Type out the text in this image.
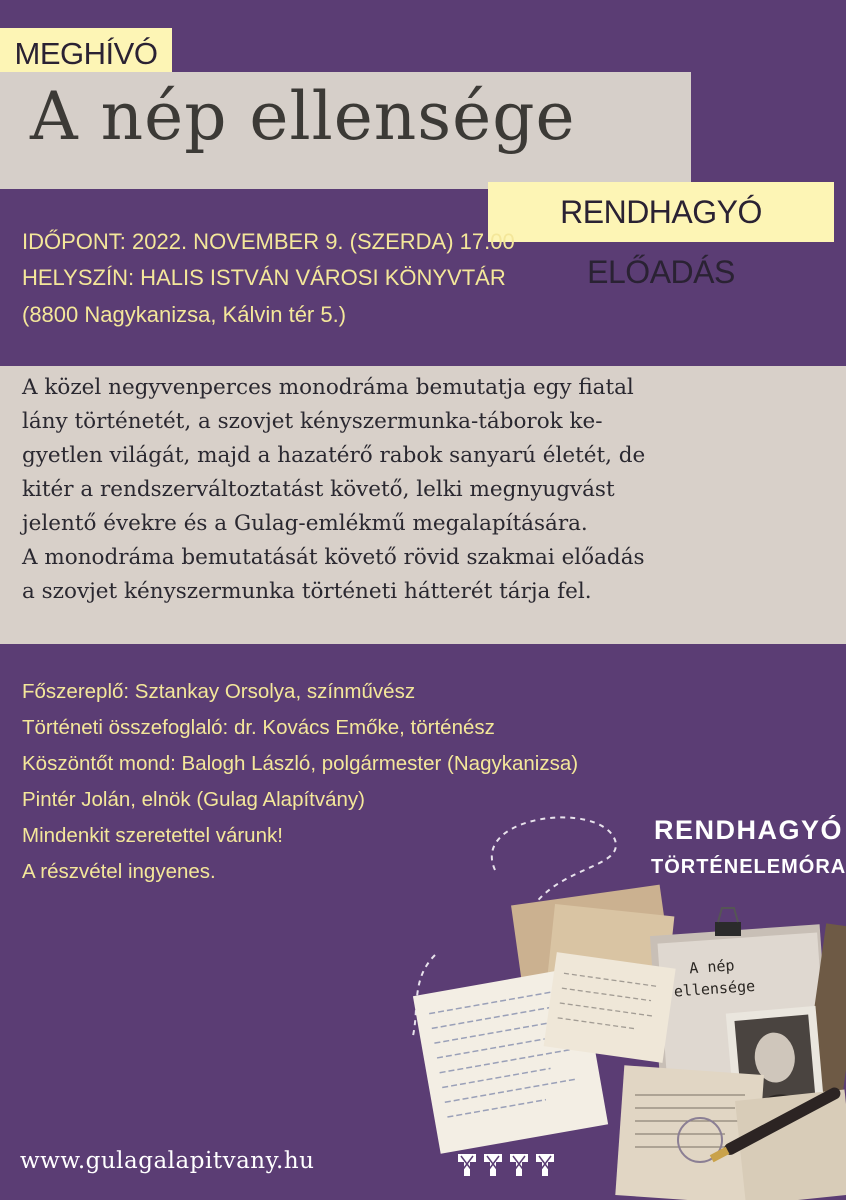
MEGHÍVÓ
A nép ellensége
RENDHAGYÓ ELŐADÁS
IDŐPONT: 2022. NOVEMBER 9. (SZERDA) 17.00
HELYSZÍN: HALIS ISTVÁN VÁROSI KÖNYVTÁR
(8800 Nagykanizsa, Kálvin tér 5.)
A közel negyvenperces monodráma bemutatja egy fiatal
lány történetét, a szovjet kényszermunka-táborok ke-
gyetlen világát, majd a hazatérő rabok sanyarú életét, de
kitér a rendszerváltoztatást követő, lelki megnyugvást
jelentő évekre és a Gulag-emlékmű megalapítására.
A monodráma bemutatását követő rövid szakmai előadás
a szovjet kényszermunka történeti hátterét tárja fel.
Főszereplő: Sztankay Orsolya, színművész
Történeti összefoglaló: dr. Kovács Emőke, történész
Köszöntőt mond: Balogh László, polgármester (Nagykanizsa)
Pintér Jolán, elnök (Gulag Alapítvány)
Mindenkit szeretettel várunk!
A részvétel ingyenes.
A nép
ellensége
RENDHAGYÓ
TÖRTÉNELEMÓRA
www.gulagalapitvany.hu
